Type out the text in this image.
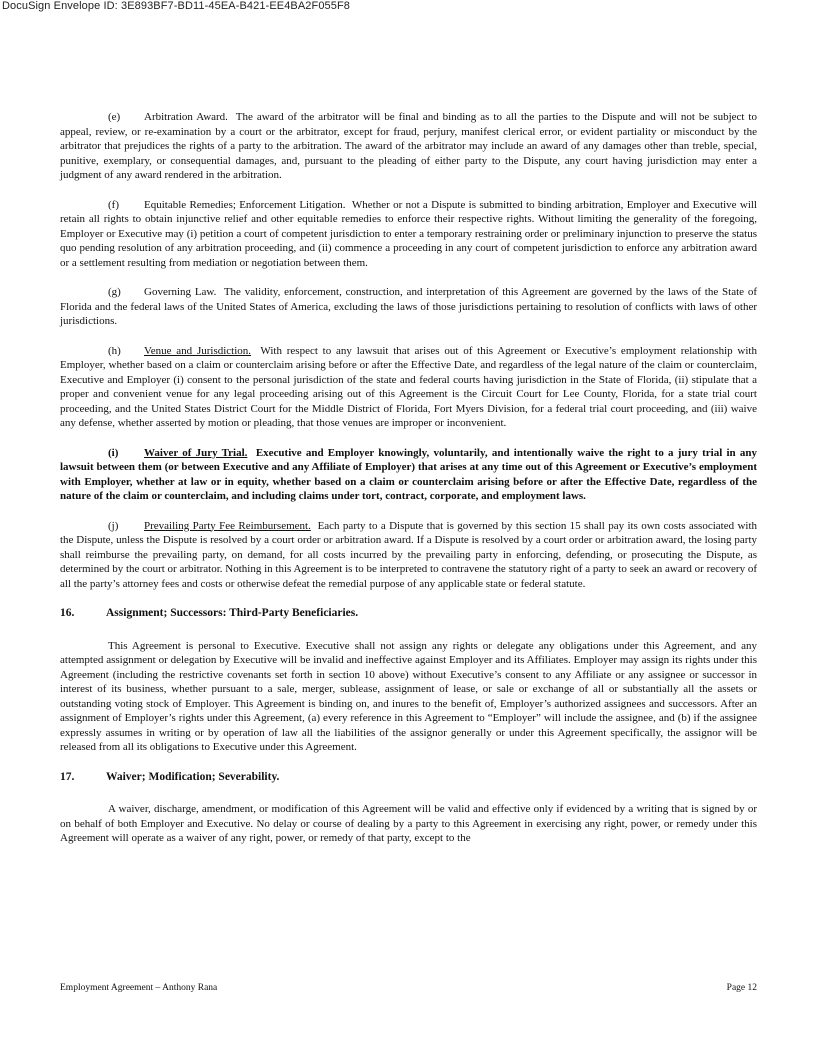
DocuSign Envelope ID: 3E893BF7-BD11-45EA-B421-EE4BA2F055F8

(e) Arbitration Award. The award of the arbitrator will be final and binding as to all the parties to the Dispute and will not be subject to appeal, review, or re-examination by a court or the arbitrator, except for fraud, perjury, manifest clerical error, or evident partiality or misconduct by the arbitrator that prejudices the rights of a party to the arbitration. The award of the arbitrator may include an award of any damages other than treble, special, punitive, exemplary, or consequential damages, and, pursuant to the pleading of either party to the Dispute, any court having jurisdiction may enter a judgment of any award rendered in the arbitration.

(f) Equitable Remedies; Enforcement Litigation. Whether or not a Dispute is submitted to binding arbitration, Employer and Executive will retain all rights to obtain injunctive relief and other equitable remedies to enforce their respective rights. Without limiting the generality of the foregoing, Employer or Executive may (i) petition a court of competent jurisdiction to enter a temporary restraining order or preliminary injunction to preserve the status quo pending resolution of any arbitration proceeding, and (ii) commence a proceeding in any court of competent jurisdiction to enforce any arbitration award or a settlement resulting from mediation or negotiation between them.

(g) Governing Law. The validity, enforcement, construction, and interpretation of this Agreement are governed by the laws of the State of Florida and the federal laws of the United States of America, excluding the laws of those jurisdictions pertaining to resolution of conflicts with laws of other jurisdictions.

(h) Venue and Jurisdiction. With respect to any lawsuit that arises out of this Agreement or Executive’s employment relationship with Employer, whether based on a claim or counterclaim arising before or after the Effective Date, and regardless of the legal nature of the claim or counterclaim, Executive and Employer (i) consent to the personal jurisdiction of the state and federal courts having jurisdiction in the State of Florida, (ii) stipulate that a proper and convenient venue for any legal proceeding arising out of this Agreement is the Circuit Court for Lee County, Florida, for a state trial court proceeding, and the United States District Court for the Middle District of Florida, Fort Myers Division, for a federal trial court proceeding, and (iii) waive any defense, whether asserted by motion or pleading, that those venues are improper or inconvenient.

(i) Waiver of Jury Trial. Executive and Employer knowingly, voluntarily, and intentionally waive the right to a jury trial in any lawsuit between them (or between Executive and any Affiliate of Employer) that arises at any time out of this Agreement or Executive’s employment with Employer, whether at law or in equity, whether based on a claim or counterclaim arising before or after the Effective Date, regardless of the nature of the claim or counterclaim, and including claims under tort, contract, corporate, and employment laws.

(j) Prevailing Party Fee Reimbursement. Each party to a Dispute that is governed by this section 15 shall pay its own costs associated with the Dispute, unless the Dispute is resolved by a court order or arbitration award. If a Dispute is resolved by a court order or arbitration award, the losing party shall reimburse the prevailing party, on demand, for all costs incurred by the prevailing party in enforcing, defending, or prosecuting the Dispute, as determined by the court or arbitrator. Nothing in this Agreement is to be interpreted to contravene the statutory right of a party to seek an award or recovery of all the party’s attorney fees and costs or otherwise defeat the remedial purpose of any applicable state or federal statute.

16.	Assignment; Successors: Third-Party Beneficiaries.

This Agreement is personal to Executive. Executive shall not assign any rights or delegate any obligations under this Agreement, and any attempted assignment or delegation by Executive will be invalid and ineffective against Employer and its Affiliates. Employer may assign its rights under this Agreement (including the restrictive covenants set forth in section 10 above) without Executive’s consent to any Affiliate or any assignee or successor in interest of its business, whether pursuant to a sale, merger, sublease, assignment of lease, or sale or exchange of all or substantially all the assets or outstanding voting stock of Employer. This Agreement is binding on, and inures to the benefit of, Employer’s authorized assignees and successors. After an assignment of Employer’s rights under this Agreement, (a) every reference in this Agreement to “Employer” will include the assignee, and (b) if the assignee expressly assumes in writing or by operation of law all the liabilities of the assignor generally or under this Agreement specifically, the assignor will be released from all its obligations to Executive under this Agreement.

17.	Waiver; Modification; Severability.

A waiver, discharge, amendment, or modification of this Agreement will be valid and effective only if evidenced by a writing that is signed by or on behalf of both Employer and Executive. No delay or course of dealing by a party to this Agreement in exercising any right, power, or remedy under this Agreement will operate as a waiver of any right, power, or remedy of that party, except to the

Employment Agreement – Anthony Rana	Page 12
